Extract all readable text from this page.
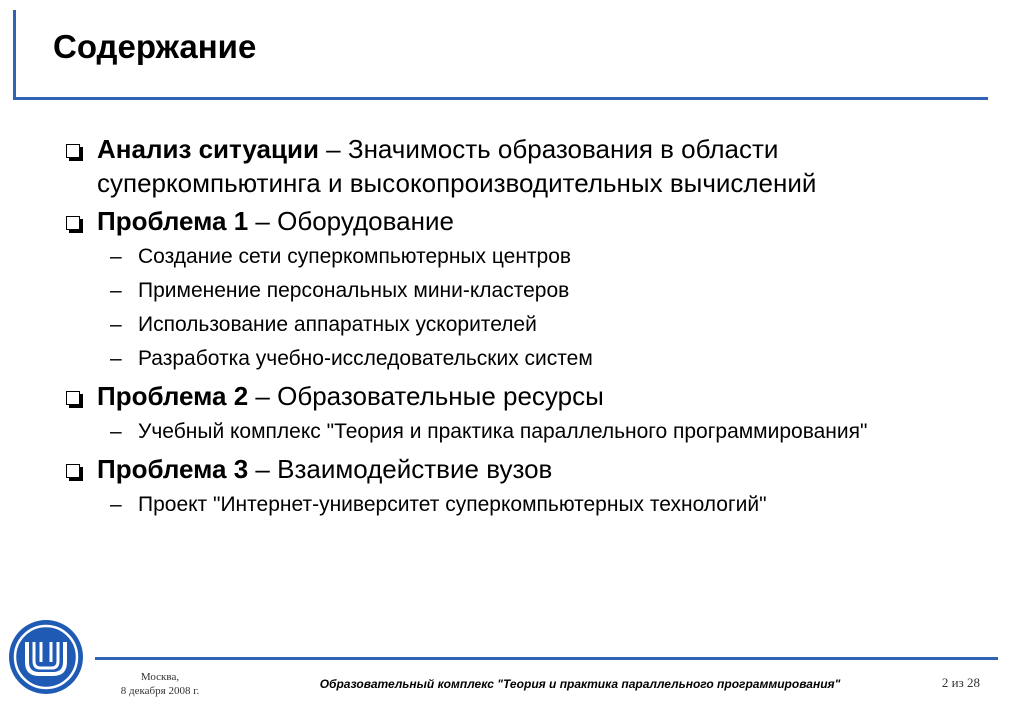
Содержание
Анализ ситуации – Значимость образования в области суперкомпьютинга и высокопроизводительных вычислений
Проблема 1 – Оборудование
– Создание сети суперкомпьютерных центров
– Применение персональных мини-кластеров
– Использование аппаратных ускорителей
– Разработка учебно-исследовательских систем
Проблема 2 – Образовательные ресурсы
– Учебный комплекс "Теория и практика параллельного программирования"
Проблема 3 – Взаимодействие вузов
– Проект "Интернет-университет суперкомпьютерных технологий"
Москва,
8 декабря 2008 г.	Образовательный комплекс "Теория и практика параллельного программирования"	2 из 28
